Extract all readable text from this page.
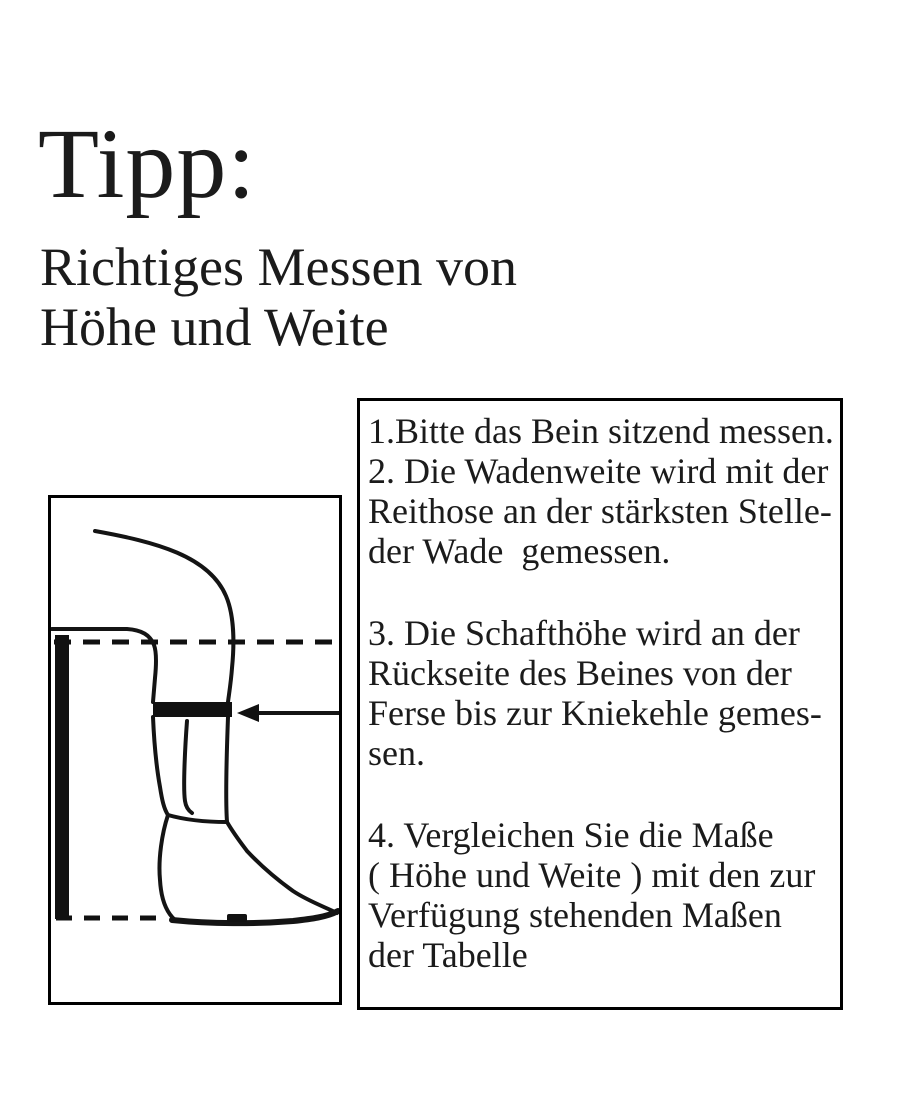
Tipp:
Richtiges Messen von
Höhe und Weite
1.Bitte das Bein sitzend messen.
2. Die Wadenweite wird mit der
Reithose an der stärksten Stelle-
der Wade  gemessen.
3. Die Schafthöhe wird an der
Rückseite des Beines von der
Ferse bis zur Kniekehle gemes-
sen.
4. Vergleichen Sie die Maße
( Höhe und Weite ) mit den zur
Verfügung stehenden Maßen
der Tabelle
